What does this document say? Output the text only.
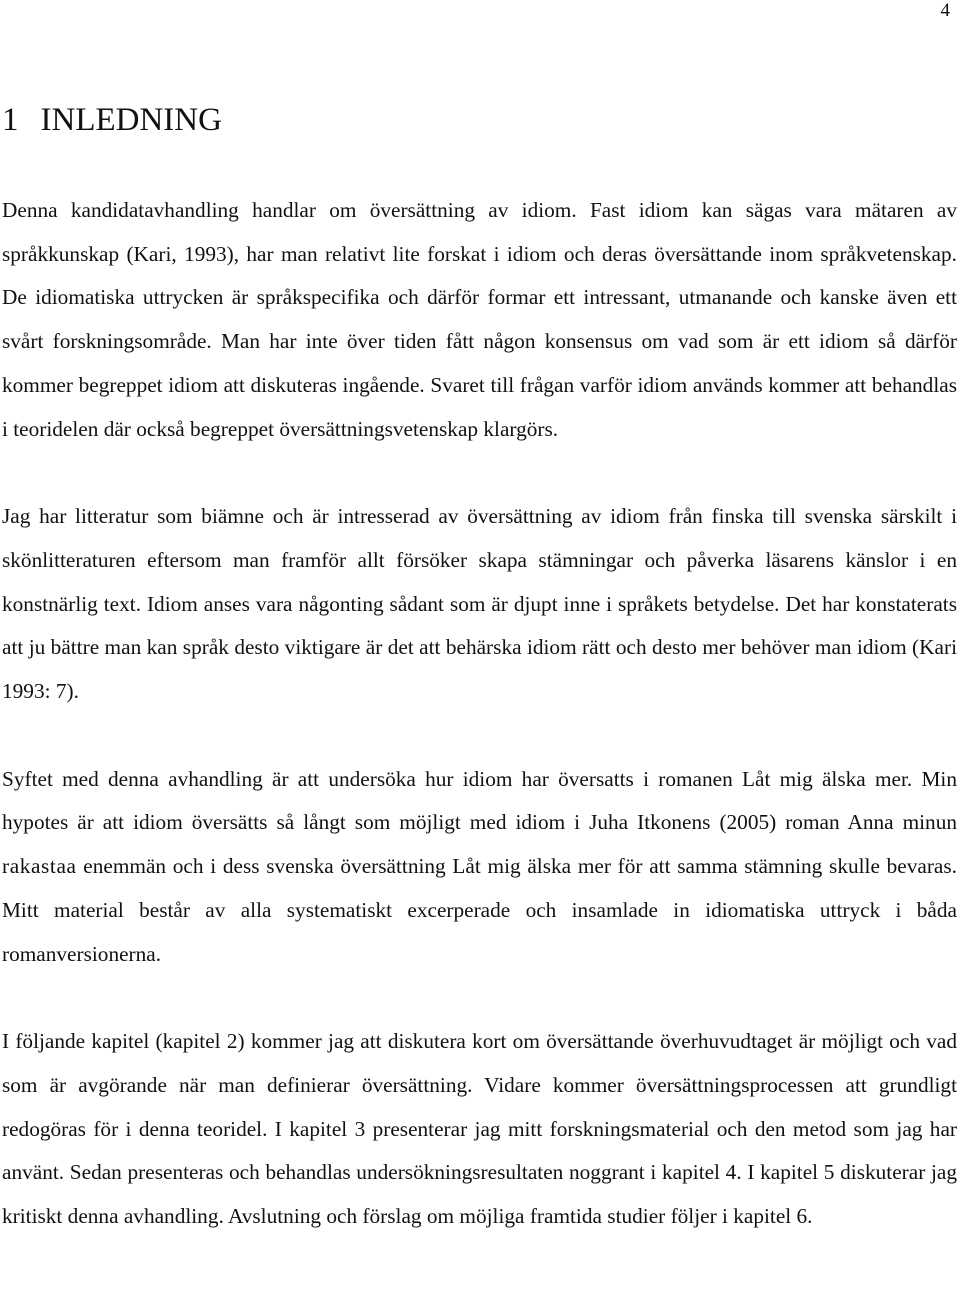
4
1 INLEDNING

Denna kandidatavhandling handlar om översättning av idiom. Fast idiom kan sägas vara mätaren av språkkunskap (Kari, 1993), har man relativt lite forskat i idiom och deras översättande inom språkvetenskap. De idiomatiska uttrycken är språkspecifika och därför formar ett intressant, utmanande och kanske även ett svårt forskningsområde. Man har inte över tiden fått någon konsensus om vad som är ett idiom så därför kommer begreppet idiom att diskuteras ingående. Svaret till frågan varför idiom används kommer att behandlas i teoridelen där också begreppet översättningsvetenskap klargörs.

Jag har litteratur som biämne och är intresserad av översättning av idiom från finska till svenska särskilt i skönlitteraturen eftersom man framför allt försöker skapa stämningar och påverka läsarens känslor i en konstnärlig text. Idiom anses vara någonting sådant som är djupt inne i språkets betydelse. Det har konstaterats att ju bättre man kan språk desto viktigare är det att behärska idiom rätt och desto mer behöver man idiom (Kari 1993: 7).

Syftet med denna avhandling är att undersöka hur idiom har översatts i romanen Låt mig älska mer. Min hypotes är att idiom översätts så långt som möjligt med idiom i Juha Itkonens (2005) roman Anna minun rakastaa enemmän och i dess svenska översättning Låt mig älska mer för att samma stämning skulle bevaras. Mitt material består av alla systematiskt excerperade och insamlade in idiomatiska uttryck i båda romanversionerna.

I följande kapitel (kapitel 2) kommer jag att diskutera kort om översättande överhuvudtaget är möjligt och vad som är avgörande när man definierar översättning. Vidare kommer översättningsprocessen att grundligt redogöras för i denna teoridel. I kapitel 3 presenterar jag mitt forskningsmaterial och den metod som jag har använt. Sedan presenteras och behandlas undersökningsresultaten noggrant i kapitel 4. I kapitel 5 diskuterar jag kritiskt denna avhandling. Avslutning och förslag om möjliga framtida studier följer i kapitel 6.
